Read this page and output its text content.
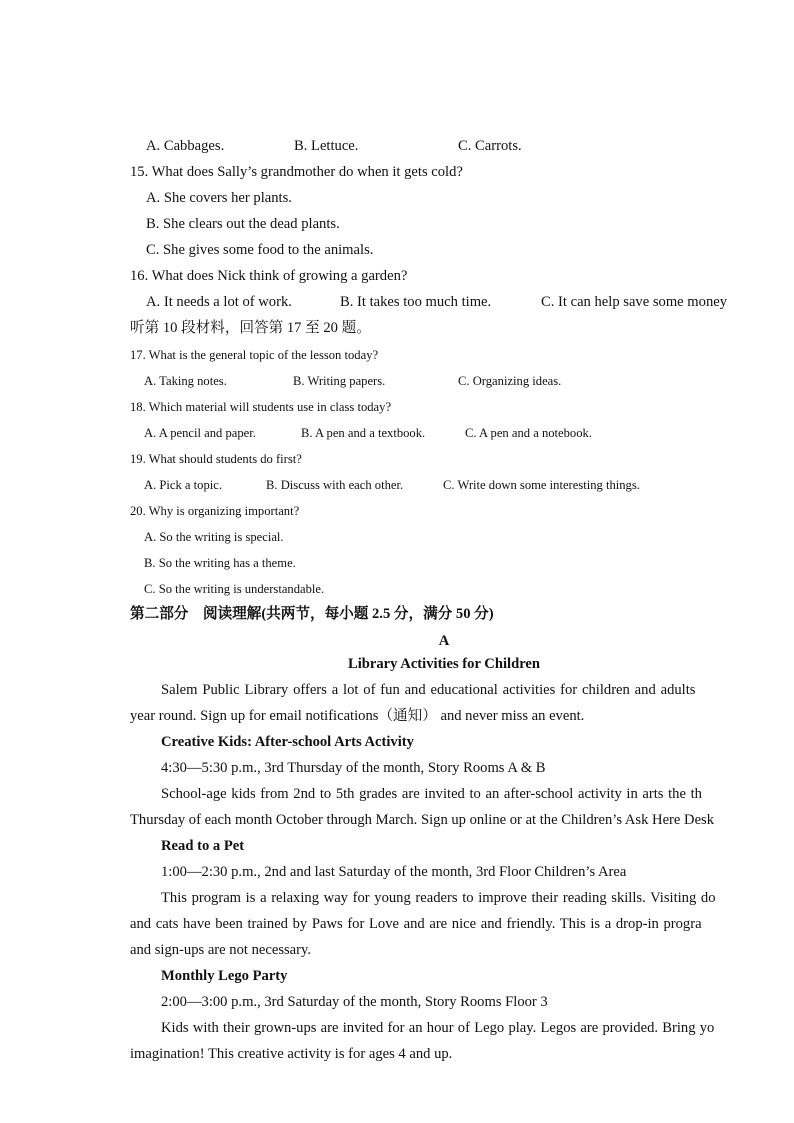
A. Cabbages.	B. Lettuce.	C. Carrots.
15. What does Sally’s grandmother do when it gets cold?
A. She covers her plants.
B. She clears out the dead plants.
C. She gives some food to the animals.
16. What does Nick think of growing a garden?
A. It needs a lot of work.	B. It takes too much time.	C. It can help save some money
听第 10 段材料，回答第 17 至 20 题。
17. What is the general topic of the lesson today?
A. Taking notes.	B. Writing papers.	C. Organizing ideas.
18. Which material will students use in class today?
A. A pencil and paper.	B. A pen and a textbook.	C. A pen and a notebook.
19. What should students do first?
A. Pick a topic.	B. Discuss with each other.	C. Write down some interesting things.
20. Why is organizing important?
A. So the writing is special.
B. So the writing has a theme.
C. So the writing is understandable.
第二部分　阅读理解(共两节，每小题 2.5 分，满分 50 分)
A
Library Activities for Children
Salem Public Library offers a lot of fun and educational activities for children and adults
year round. Sign up for email notifications（通知） and never miss an event.
Creative Kids: After-school Arts Activity
4:30—5:30 p.m., 3rd Thursday of the month, Story Rooms A & B
School-age kids from 2nd to 5th grades are invited to an after-school activity in arts the th
Thursday of each month October through March. Sign up online or at the Children’s Ask Here Desk
Read to a Pet
1:00—2:30 p.m., 2nd and last Saturday of the month, 3rd Floor Children’s Area
This program is a relaxing way for young readers to improve their reading skills. Visiting do
and cats have been trained by Paws for Love and are nice and friendly. This is a drop-in progra
and sign-ups are not necessary.
Monthly Lego Party
2:00—3:00 p.m., 3rd Saturday of the month, Story Rooms Floor 3
Kids with their grown-ups are invited for an hour of Lego play. Legos are provided. Bring yo
imagination! This creative activity is for ages 4 and up.
